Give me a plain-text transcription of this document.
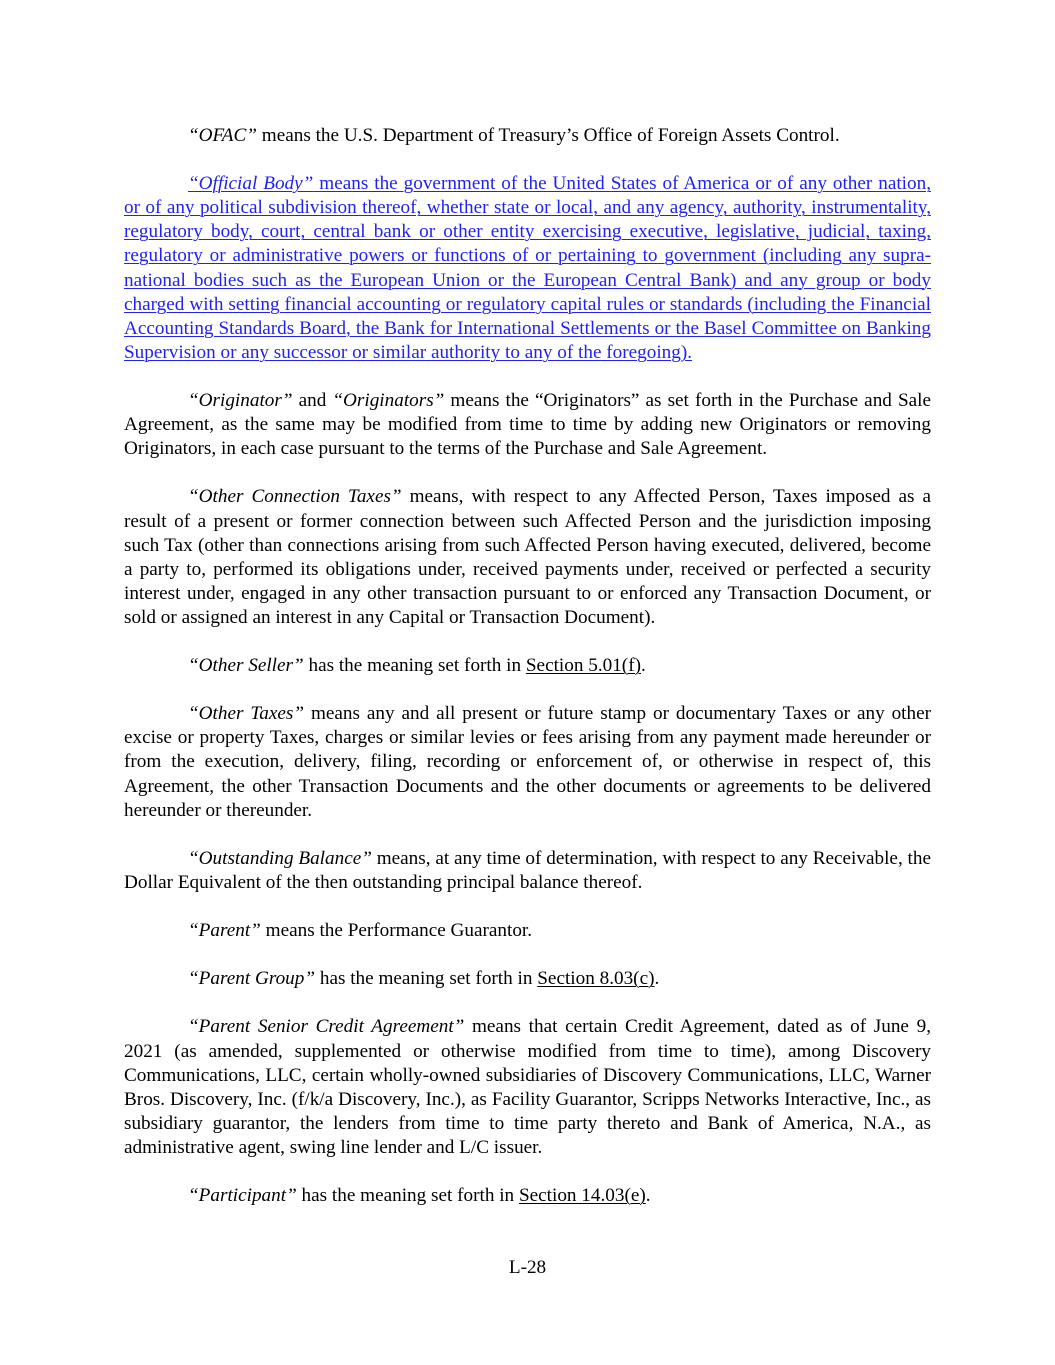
“OFAC” means the U.S. Department of Treasury’s Office of Foreign Assets Control.

“Official Body” means the government of the United States of America or of any other nation, or of any political subdivision thereof, whether state or local, and any agency, authority, instrumentality, regulatory body, court, central bank or other entity exercising executive, legislative, judicial, taxing, regulatory or administrative powers or functions of or pertaining to government (including any supra-national bodies such as the European Union or the European Central Bank) and any group or body charged with setting financial accounting or regulatory capital rules or standards (including the Financial Accounting Standards Board, the Bank for International Settlements or the Basel Committee on Banking Supervision or any successor or similar authority to any of the foregoing).

“Originator” and “Originators” means the “Originators” as set forth in the Purchase and Sale Agreement, as the same may be modified from time to time by adding new Originators or removing Originators, in each case pursuant to the terms of the Purchase and Sale Agreement.

“Other Connection Taxes” means, with respect to any Affected Person, Taxes imposed as a result of a present or former connection between such Affected Person and the jurisdiction imposing such Tax (other than connections arising from such Affected Person having executed, delivered, become a party to, performed its obligations under, received payments under, received or perfected a security interest under, engaged in any other transaction pursuant to or enforced any Transaction Document, or sold or assigned an interest in any Capital or Transaction Document).

“Other Seller” has the meaning set forth in Section 5.01(f).

“Other Taxes” means any and all present or future stamp or documentary Taxes or any other excise or property Taxes, charges or similar levies or fees arising from any payment made hereunder or from the execution, delivery, filing, recording or enforcement of, or otherwise in respect of, this Agreement, the other Transaction Documents and the other documents or agreements to be delivered hereunder or thereunder.

“Outstanding Balance” means, at any time of determination, with respect to any Receivable, the Dollar Equivalent of the then outstanding principal balance thereof.

“Parent” means the Performance Guarantor.

“Parent Group” has the meaning set forth in Section 8.03(c).

“Parent Senior Credit Agreement” means that certain Credit Agreement, dated as of June 9, 2021 (as amended, supplemented or otherwise modified from time to time), among Discovery Communications, LLC, certain wholly-owned subsidiaries of Discovery Communications, LLC, Warner Bros. Discovery, Inc. (f/k/a Discovery, Inc.), as Facility Guarantor, Scripps Networks Interactive, Inc., as subsidiary guarantor, the lenders from time to time party thereto and Bank of America, N.A., as administrative agent, swing line lender and L/C issuer.

“Participant” has the meaning set forth in Section 14.03(e).

L-28
